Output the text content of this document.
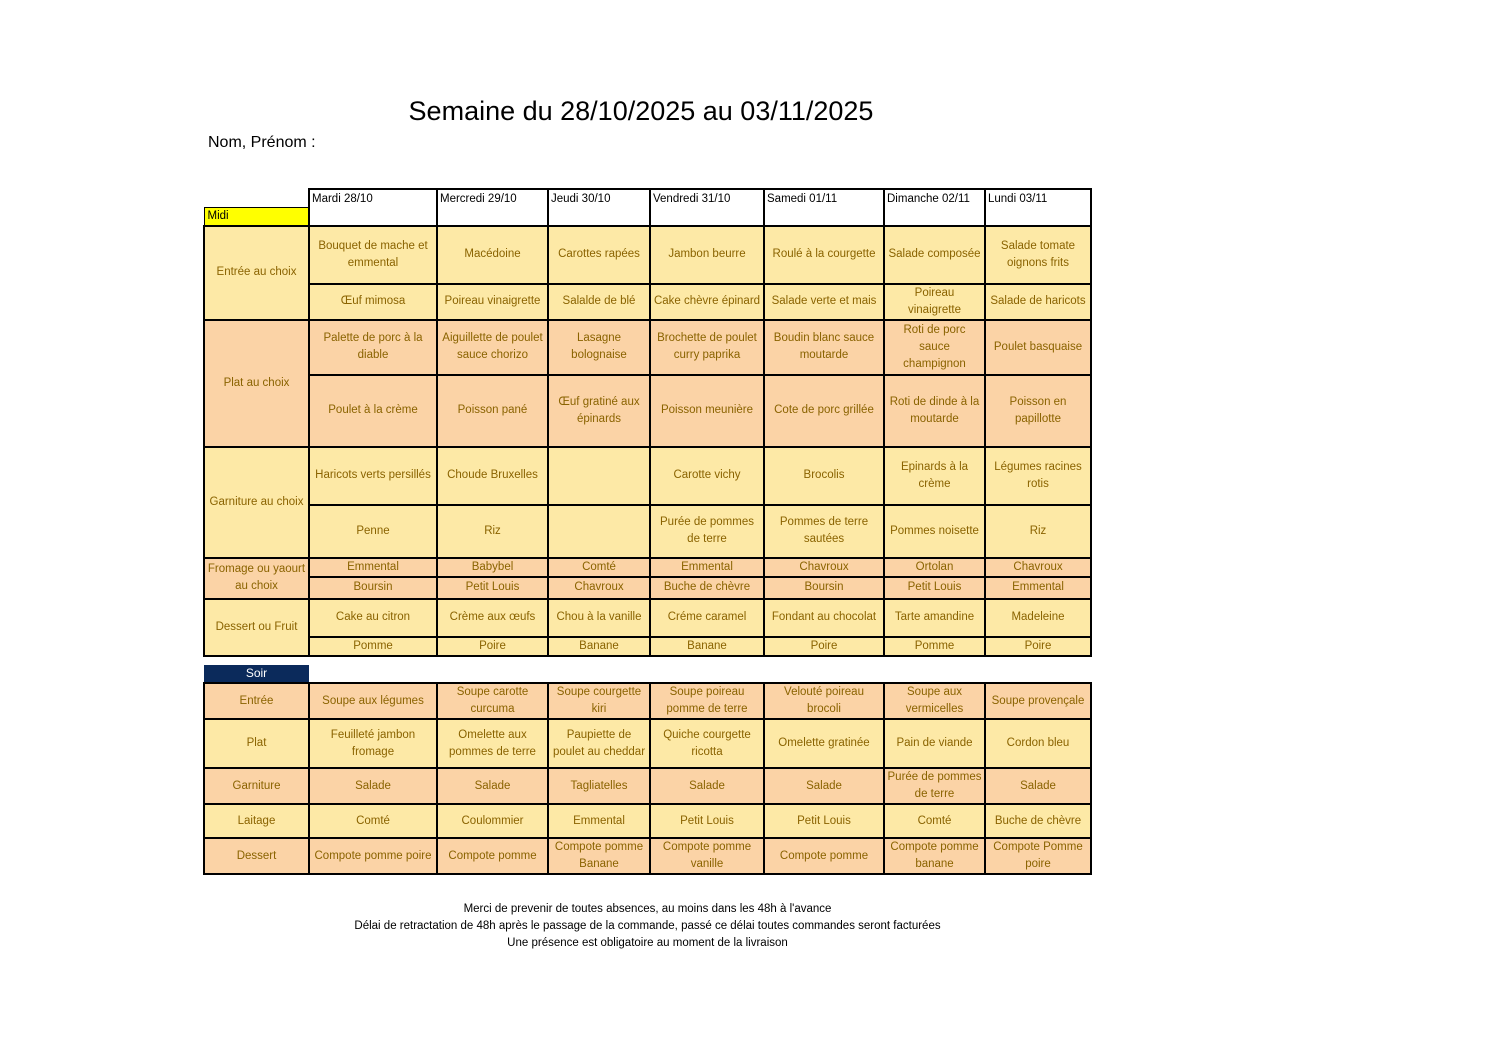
Semaine du 28/10/2025 au 03/11/2025
Nom, Prénom :
	Mardi 28/10	Mercredi 29/10	Jeudi 30/10	Vendredi 31/10	Samedi 01/11	Dimanche 02/11	Lundi 03/11
Midi							
Entrée au choix	Bouquet de mache et emmental	Macédoine	Carottes rapées	Jambon beurre	Roulé à la courgette	Salade composée	Salade tomate oignons frits
	Œuf mimosa	Poireau vinaigrette	Salalde de blé	Cake chèvre épinard	Salade verte et mais	Poireau vinaigrette	Salade de haricots
Plat au choix	Palette de porc à la diable	Aiguillette de poulet sauce chorizo	Lasagne bolognaise	Brochette de poulet curry paprika	Boudin blanc sauce moutarde	Roti de porc sauce champignon	Poulet basquaise
	Poulet à la crème	Poisson pané	Œuf gratiné aux épinards	Poisson meunière	Cote de porc grillée	Roti de dinde à la moutarde	Poisson en papillotte
Garniture au choix	Haricots verts persillés	Choude Bruxelles		Carotte vichy	Brocolis	Epinards à la crème	Légumes racines rotis
	Penne	Riz		Purée de pommes de terre	Pommes de terre sautées	Pommes noisette	Riz
Fromage ou yaourt au choix	Emmental	Babybel	Comté	Emmental	Chavroux	Ortolan	Chavroux
	Boursin	Petit Louis	Chavroux	Buche de chèvre	Boursin	Petit Louis	Emmental
Dessert ou Fruit	Cake au citron	Crème aux œufs	Chou à la vanille	Créme caramel	Fondant au chocolat	Tarte amandine	Madeleine
	Pomme	Poire	Banane	Banane	Poire	Pomme	Poire
Soir
Entrée	Soupe aux légumes	Soupe carotte curcuma	Soupe courgette kiri	Soupe poireau pomme de terre	Velouté poireau brocoli	Soupe aux vermicelles	Soupe provençale
Plat	Feuilleté jambon fromage	Omelette aux pommes de terre	Paupiette de poulet au cheddar	Quiche courgette ricotta	Omelette gratinée	Pain de viande	Cordon bleu
Garniture	Salade	Salade	Tagliatelles	Salade	Salade	Purée de pommes de terre	Salade
Laitage	Comté	Coulommier	Emmental	Petit Louis	Petit Louis	Comté	Buche de chèvre
Dessert	Compote pomme poire	Compote pomme	Compote pomme Banane	Compote pomme vanille	Compote pomme	Compote pomme banane	Compote Pomme poire
Merci de prevenir de toutes absences, au moins dans les 48h à l'avance
Délai de retractation de 48h après le passage de la commande, passé ce délai toutes commandes seront facturées
Une présence est obligatoire au moment de la livraison
